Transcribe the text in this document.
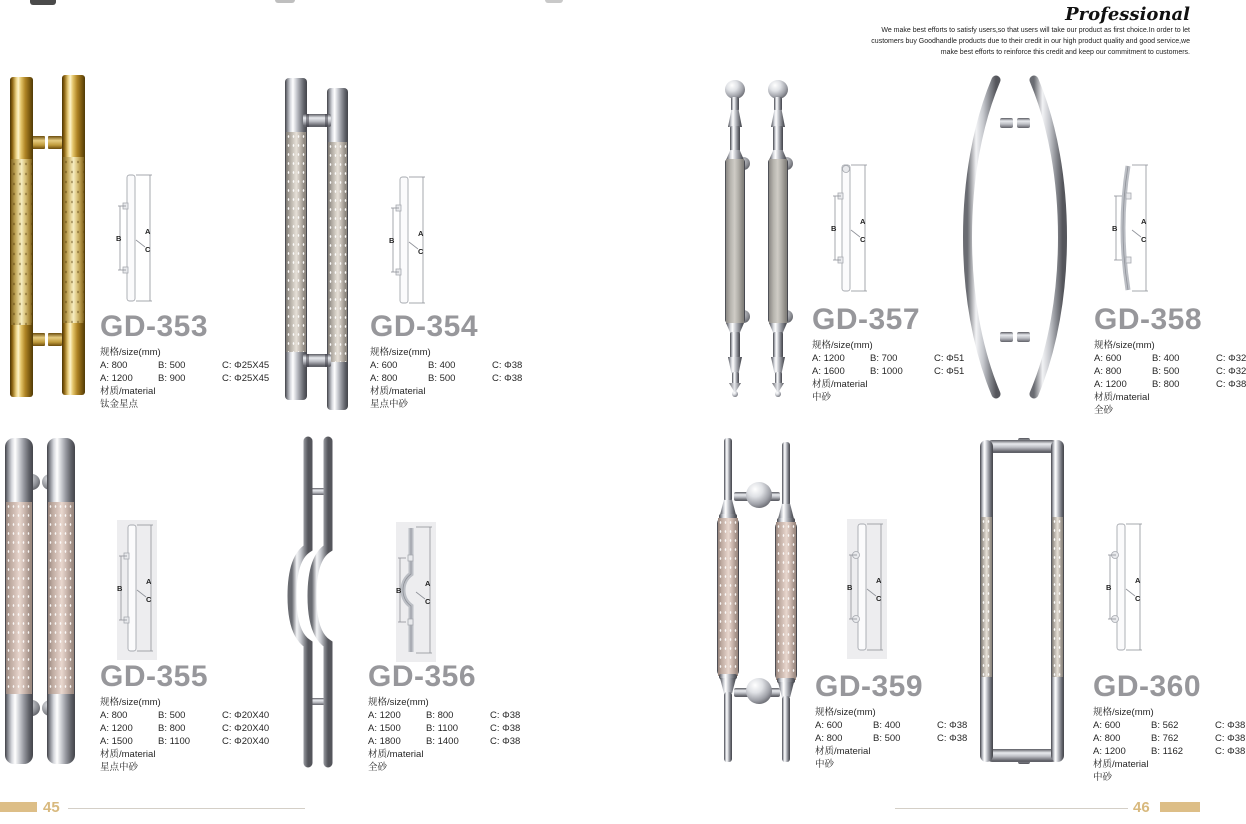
Professional
We make best efforts to satisfy users,so that users will take our product as first choice.In order to let customers buy Goodhandle products due to their credit in our high product quality and good service,we make best efforts to reinforce this credit and keep our commitment to customers.
B
A
C
B
A
C
B
A
C
B
A
C
B
A
C
B
A
C
B
A
C
B
A
C
GD-353
规格/size(mm)
A: 800	B: 500	C: Φ25X45
A: 1200	B: 900	C: Φ25X45
材质/material
钛金星点
GD-354
规格/size(mm)
A: 600	B: 400	C: Φ38
A: 800	B: 500	C: Φ38
材质/material
星点中砂
GD-357
规格/size(mm)
A: 1200	B: 700	C: Φ51
A: 1600	B: 1000	C: Φ51
材质/material
中砂
GD-358
规格/size(mm)
A: 600	B: 400	C: Φ32
A: 800	B: 500	C: Φ32
A: 1200	B: 800	C: Φ38
材质/material
全砂
GD-355
规格/size(mm)
A: 800	B: 500	C: Φ20X40
A: 1200	B: 800	C: Φ20X40
A: 1500	B: 1100	C: Φ20X40
材质/material
星点中砂
GD-356
规格/size(mm)
A: 1200	B: 800	C: Φ38
A: 1500	B: 1100	C: Φ38
A: 1800	B: 1400	C: Φ38
材质/material
全砂
GD-359
规格/size(mm)
A: 600	B: 400	C: Φ38
A: 800	B: 500	C: Φ38
材质/material
中砂
GD-360
规格/size(mm)
A: 600	B: 562	C: Φ38
A: 800	B: 762	C: Φ38
A: 1200	B: 1162	C: Φ38
材质/material
中砂
45	46
